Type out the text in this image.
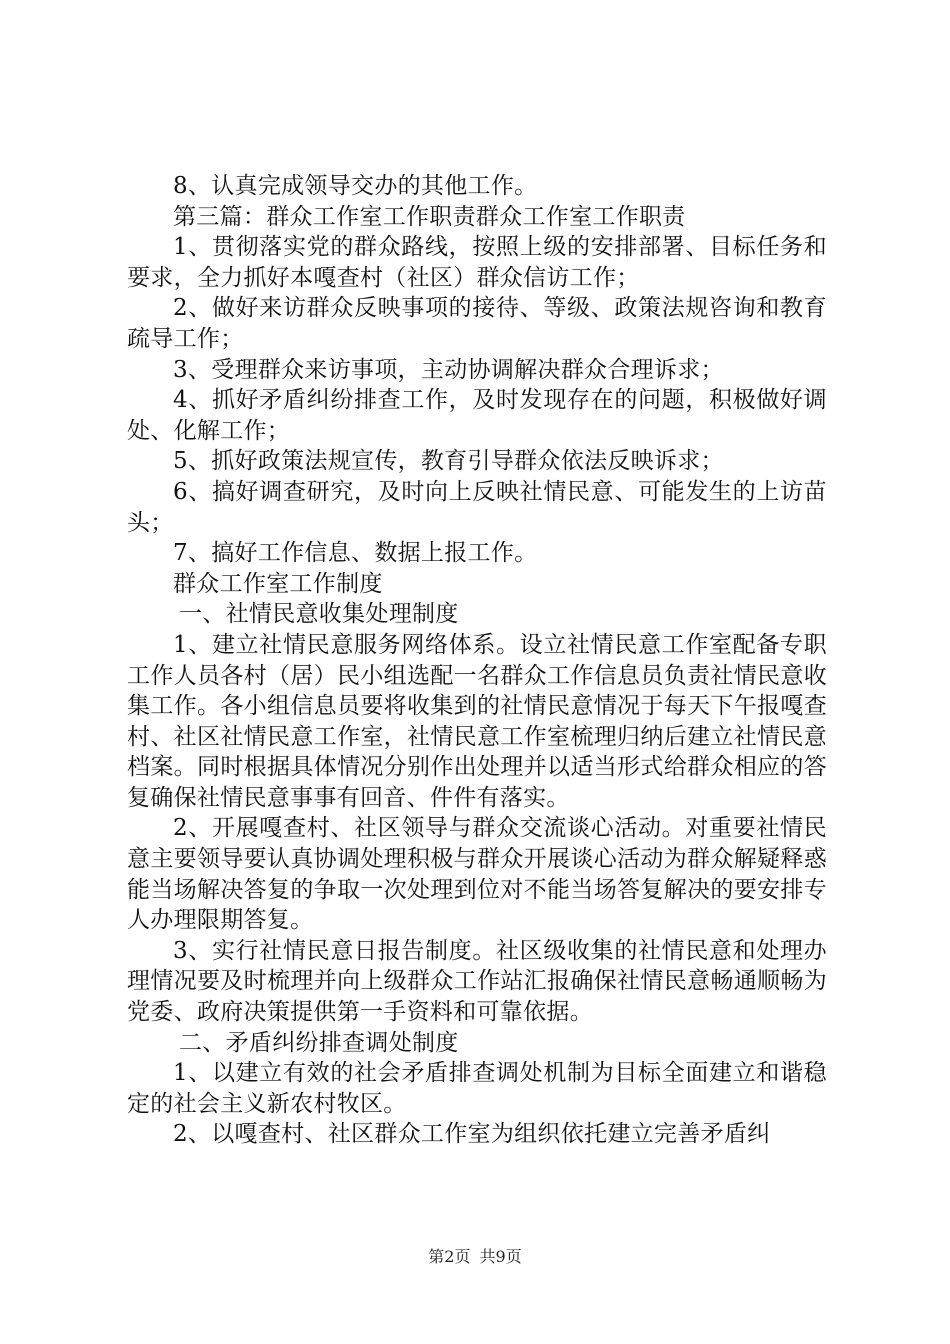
8、认真完成领导交办的其他工作。

第三篇：群众工作室工作职责群众工作室工作职责

1、贯彻落实党的群众路线，按照上级的安排部署、目标任务和要求，全力抓好本嘎查村（社区）群众信访工作；

2、做好来访群众反映事项的接待、等级、政策法规咨询和教育疏导工作；

3、受理群众来访事项，主动协调解决群众合理诉求；

4、抓好矛盾纠纷排查工作，及时发现存在的问题，积极做好调处、化解工作；

5、抓好政策法规宣传，教育引导群众依法反映诉求；

6、搞好调查研究，及时向上反映社情民意、可能发生的上访苗头；

7、搞好工作信息、数据上报工作。

群众工作室工作制度

一、社情民意收集处理制度

1、建立社情民意服务网络体系。设立社情民意工作室配备专职工作人员各村（居）民小组选配一名群众工作信息员负责社情民意收集工作。各小组信息员要将收集到的社情民意情况于每天下午报嘎查村、社区社情民意工作室，社情民意工作室梳理归纳后建立社情民意档案。同时根据具体情况分别作出处理并以适当形式给群众相应的答复确保社情民意事事有回音、件件有落实。

2、开展嘎查村、社区领导与群众交流谈心活动。对重要社情民意主要领导要认真协调处理积极与群众开展谈心活动为群众解疑释惑能当场解决答复的争取一次处理到位对不能当场答复解决的要安排专人办理限期答复。

3、实行社情民意日报告制度。社区级收集的社情民意和处理办理情况要及时梳理并向上级群众工作站汇报确保社情民意畅通顺畅为党委、政府决策提供第一手资料和可靠依据。

二、矛盾纠纷排查调处制度

1、以建立有效的社会矛盾排查调处机制为目标全面建立和谐稳定的社会主义新农村牧区。

2、以嘎查村、社区群众工作室为组织依托建立完善矛盾纠

第2页 共9页
